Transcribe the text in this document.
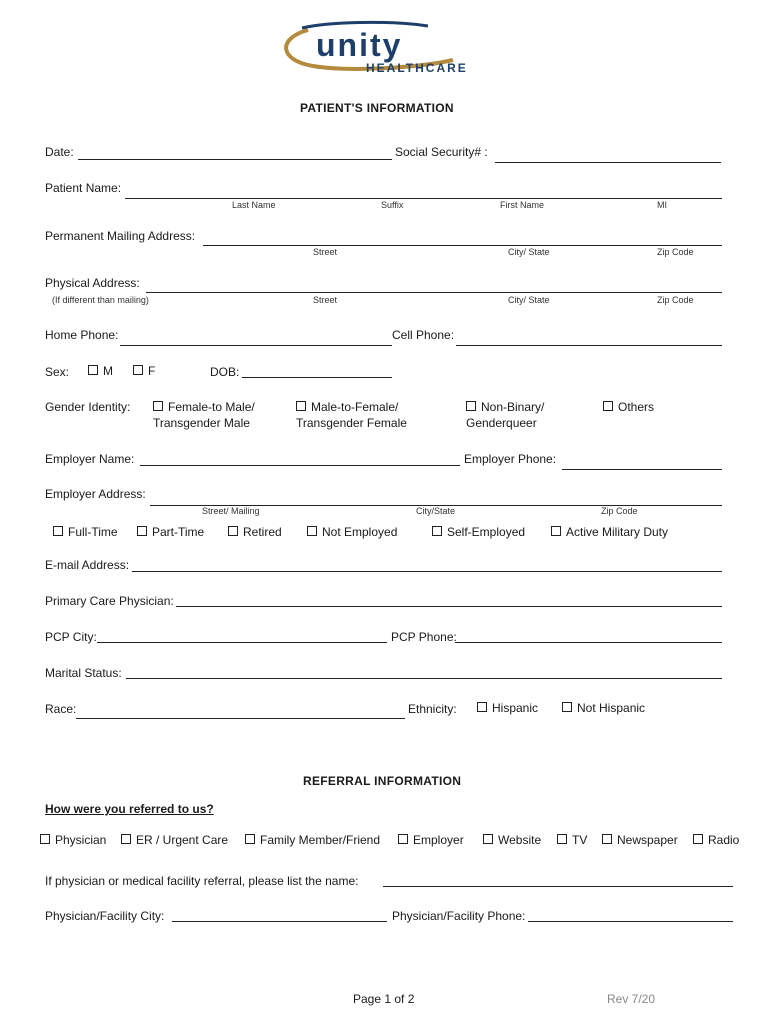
unity
HEALTHCARE
PATIENT'S INFORMATION
Date:	Social Security# :
Patient Name:
Last Name	Suffix	First Name	MI
Permanent Mailing Address:
Street	City/ State	Zip Code
Physical Address:
(If different than mailing)	Street	City/ State	Zip Code
Home Phone:	Cell Phone:
Sex:	M	F	DOB:
Gender Identity:	Female-to Male/
Transgender Male
Male-to-Female/
Transgender Female
Non-Binary/
Genderqueer
Others
Employer Name:	Employer Phone:
Employer Address:
Street/ Mailing	City/State	Zip Code
Full-Time	Part-Time	Retired	Not Employed	Self-Employed	Active Military Duty
E-mail Address:
Primary Care Physician:
PCP City:	PCP Phone:
Marital Status:
Race:	Ethnicity:	Hispanic	Not Hispanic
REFERRAL INFORMATION
How were you referred to us?
Physician	ER / Urgent Care	Family Member/Friend	Employer	Website	TV	Newspaper	Radio
If physician or medical facility referral, please list the name:
Physician/Facility City:	Physician/Facility Phone:
Page 1 of 2	Rev 7/20
